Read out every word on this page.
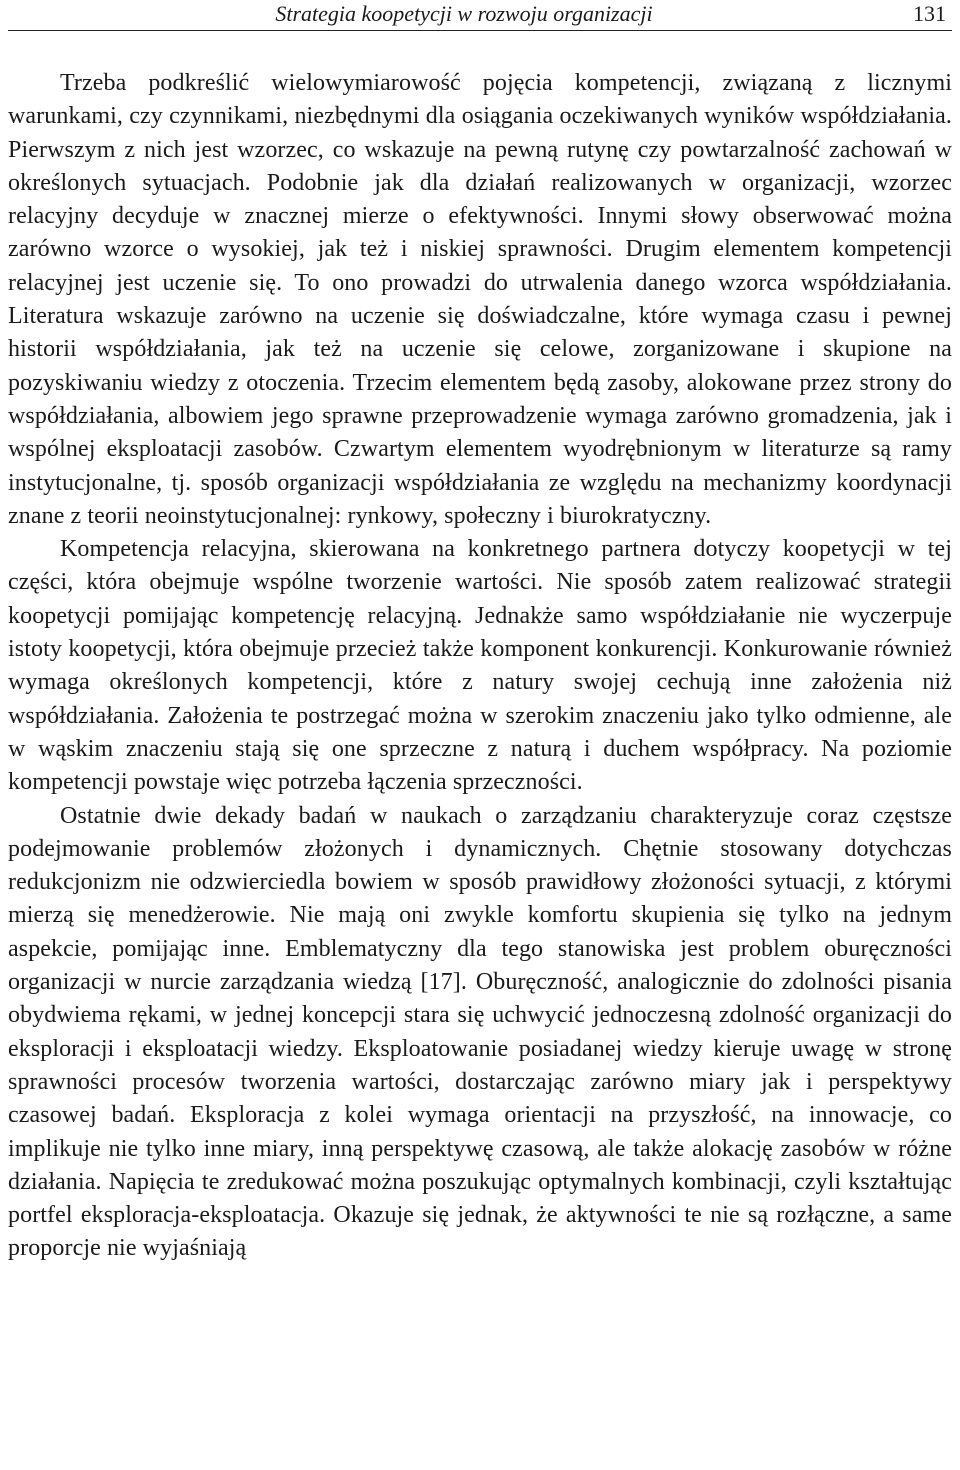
Strategia koopetycji w rozwoju organizacji	131

Trzeba podkreślić wielowymiarowość pojęcia kompetencji, związaną z licznymi warunkami, czy czynnikami, niezbędnymi dla osiągania oczekiwanych wyników współdziałania. Pierwszym z nich jest wzorzec, co wskazuje na pewną rutynę czy powtarzalność zachowań w określonych sytuacjach. Podobnie jak dla działań realizowanych w organizacji, wzorzec relacyjny decyduje w znacznej mierze o efektywności. Innymi słowy obserwować można zarówno wzorce o wysokiej, jak też i niskiej sprawności. Drugim elementem kompetencji relacyjnej jest uczenie się. To ono prowadzi do utrwalenia danego wzorca współdziałania. Literatura wskazuje zarówno na uczenie się doświadczalne, które wymaga czasu i pewnej historii współdziałania, jak też na uczenie się celowe, zorganizowane i skupione na pozyskiwaniu wiedzy z otoczenia. Trzecim elementem będą zasoby, alokowane przez strony do współdziałania, albowiem jego sprawne przeprowadzenie wymaga zarówno gromadzenia, jak i wspólnej eksploatacji zasobów. Czwartym elementem wyodrębnionym w literaturze są ramy instytucjonalne, tj. sposób organizacji współdziałania ze względu na mechanizmy koordynacji znane z teorii neoinstytucjonalnej: rynkowy, społeczny i biurokratyczny.

Kompetencja relacyjna, skierowana na konkretnego partnera dotyczy koopetycji w tej części, która obejmuje wspólne tworzenie wartości. Nie sposób zatem realizować strategii koopetycji pomijając kompetencję relacyjną. Jednakże samo współdziałanie nie wyczerpuje istoty koopetycji, która obejmuje przecież także komponent konkurencji. Konkurowanie również wymaga określonych kompetencji, które z natury swojej cechują inne założenia niż współdziałania. Założenia te postrzegać można w szerokim znaczeniu jako tylko odmienne, ale w wąskim znaczeniu stają się one sprzeczne z naturą i duchem współpracy. Na poziomie kompetencji powstaje więc potrzeba łączenia sprzeczności.

Ostatnie dwie dekady badań w naukach o zarządzaniu charakteryzuje coraz częstsze podejmowanie problemów złożonych i dynamicznych. Chętnie stosowany dotychczas redukcjonizm nie odzwierciedla bowiem w sposób prawidłowy złożoności sytuacji, z którymi mierzą się menedżerowie. Nie mają oni zwykle komfortu skupienia się tylko na jednym aspekcie, pomijając inne. Emblematyczny dla tego stanowiska jest problem oburęczności organizacji w nurcie zarządzania wiedzą [17]. Oburęczność, analogicznie do zdolności pisania obydwiema rękami, w jednej koncepcji stara się uchwycić jednoczesną zdolność organizacji do eksploracji i eksploatacji wiedzy. Eksploatowanie posiadanej wiedzy kieruje uwagę w stronę sprawności procesów tworzenia wartości, dostarczając zarówno miary jak i perspektywy czasowej badań. Eksploracja z kolei wymaga orientacji na przyszłość, na innowacje, co implikuje nie tylko inne miary, inną perspektywę czasową, ale także alokację zasobów w różne działania. Napięcia te zredukować można poszukując optymalnych kombinacji, czyli kształtując portfel eksploracja-eksploatacja. Okazuje się jednak, że aktywności te nie są rozłączne, a same proporcje nie wyjaśniają
